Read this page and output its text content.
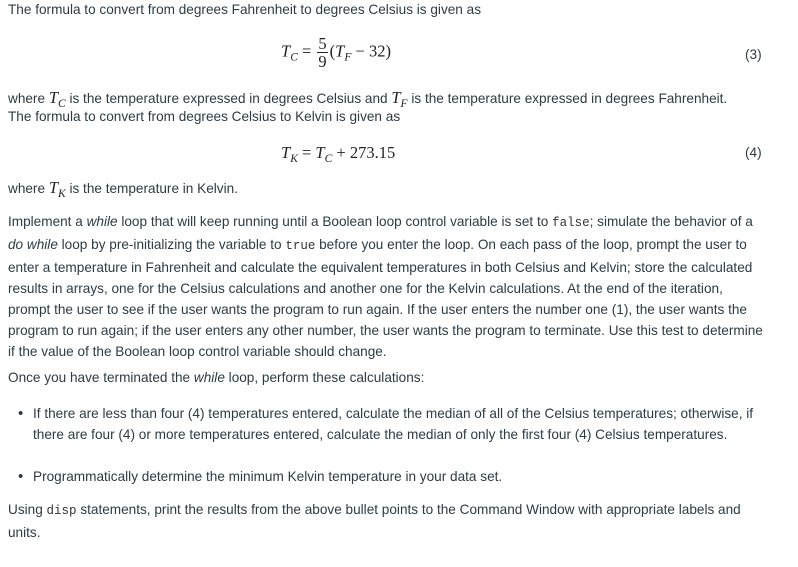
The formula to convert from degrees Fahrenheit to degrees Celsius is given as
$T_C = \frac{5}{9} (T_F - 32)$	(3)
where $T_C$ is the temperature expressed in degrees Celsius and $T_F$ is the temperature expressed in degrees Fahrenheit.
The formula to convert from degrees Celsius to Kelvin is given as
$T_K = T_C + 273.15$	(4)
where $T_K$ is the temperature in Kelvin.
Implement a while loop that will keep running until a Boolean loop control variable is set to false; simulate the behavior of a do while loop by pre-initializing the variable to true before you enter the loop. On each pass of the loop, prompt the user to enter a temperature in Fahrenheit and calculate the equivalent temperatures in both Celsius and Kelvin; store the calculated results in arrays, one for the Celsius calculations and another one for the Kelvin calculations. At the end of the iteration, prompt the user to see if the user wants the program to run again. If the user enters the number one (1), the user wants the program to run again; if the user enters any other number, the user wants the program to terminate. Use this test to determine if the value of the Boolean loop control variable should change.
Once you have terminated the while loop, perform these calculations:
• If there are less than four (4) temperatures entered, calculate the median of all of the Celsius temperatures; otherwise, if there are four (4) or more temperatures entered, calculate the median of only the first four (4) Celsius temperatures.
• Programmatically determine the minimum Kelvin temperature in your data set.
Using disp statements, print the results from the above bullet points to the Command Window with appropriate labels and units.
